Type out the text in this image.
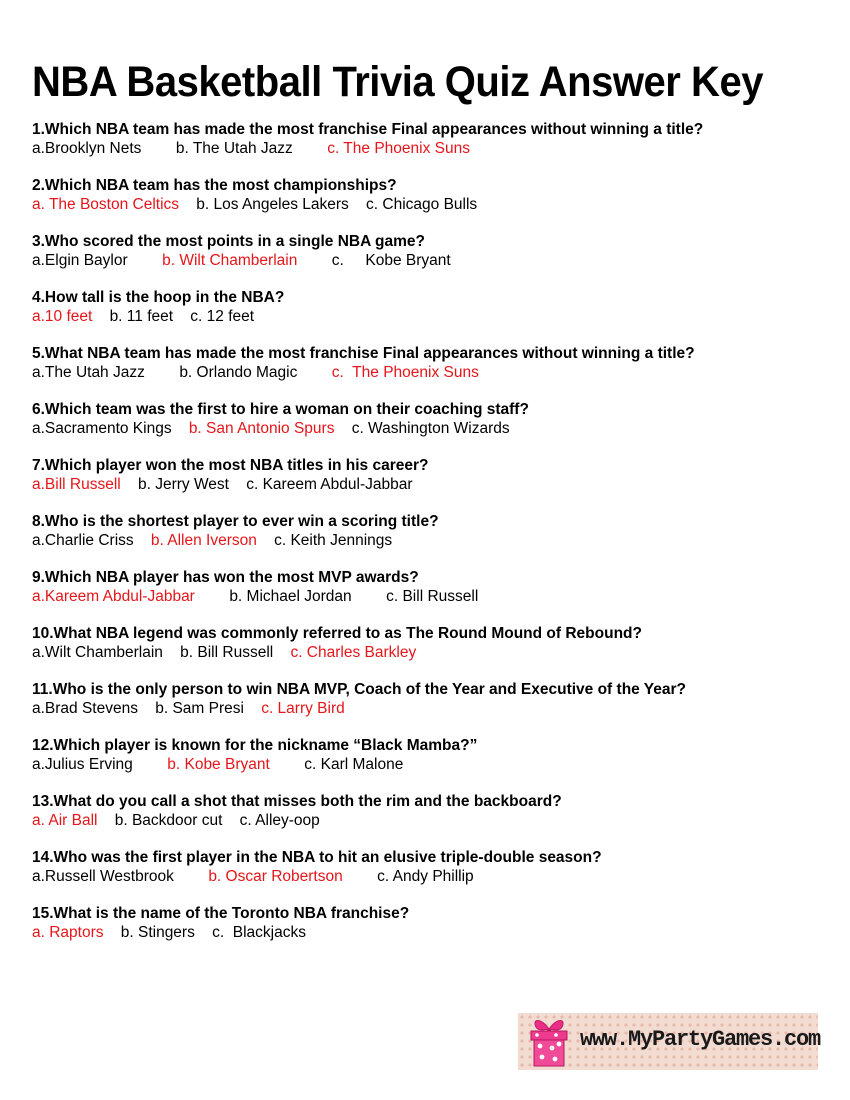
NBA Basketball Trivia Quiz Answer Key
1.Which NBA team has made the most franchise Final appearances without winning a title?
a.Brooklyn Nets b. The Utah Jazz c. The Phoenix Suns
2.Which NBA team has the most championships?
a. The Boston Celtics b. Los Angeles Lakers c. Chicago Bulls
3.Who scored the most points in a single NBA game?
a.Elgin Baylor b. Wilt Chamberlain c.     Kobe Bryant
4.How tall is the hoop in the NBA?
a.10 feet b. 11 feet c. 12 feet
5.What NBA team has made the most franchise Final appearances without winning a title?
a.The Utah Jazz b. Orlando Magic c.  The Phoenix Suns
6.Which team was the first to hire a woman on their coaching staff?
a.Sacramento Kings b. San Antonio Spurs c. Washington Wizards
7.Which player won the most NBA titles in his career?
a.Bill Russell b. Jerry West c. Kareem Abdul-Jabbar
8.Who is the shortest player to ever win a scoring title?
a.Charlie Criss b. Allen Iverson c. Keith Jennings
9.Which NBA player has won the most MVP awards?
a.Kareem Abdul-Jabbar b. Michael Jordan c. Bill Russell
10.What NBA legend was commonly referred to as The Round Mound of Rebound?
a.Wilt Chamberlain b. Bill Russell c. Charles Barkley
11.Who is the only person to win NBA MVP, Coach of the Year and Executive of the Year?
a.Brad Stevens b. Sam Presi c. Larry Bird
12.Which player is known for the nickname “Black Mamba?”
a.Julius Erving b. Kobe Bryant c. Karl Malone
13.What do you call a shot that misses both the rim and the backboard?
a. Air Ball b. Backdoor cut c. Alley-oop
14.Who was the first player in the NBA to hit an elusive triple-double season?
a.Russell Westbrook b. Oscar Robertson c. Andy Phillip
15.What is the name of the Toronto NBA franchise?
a. Raptors b. Stingers c.  Blackjacks
www.MyPartyGames.com
